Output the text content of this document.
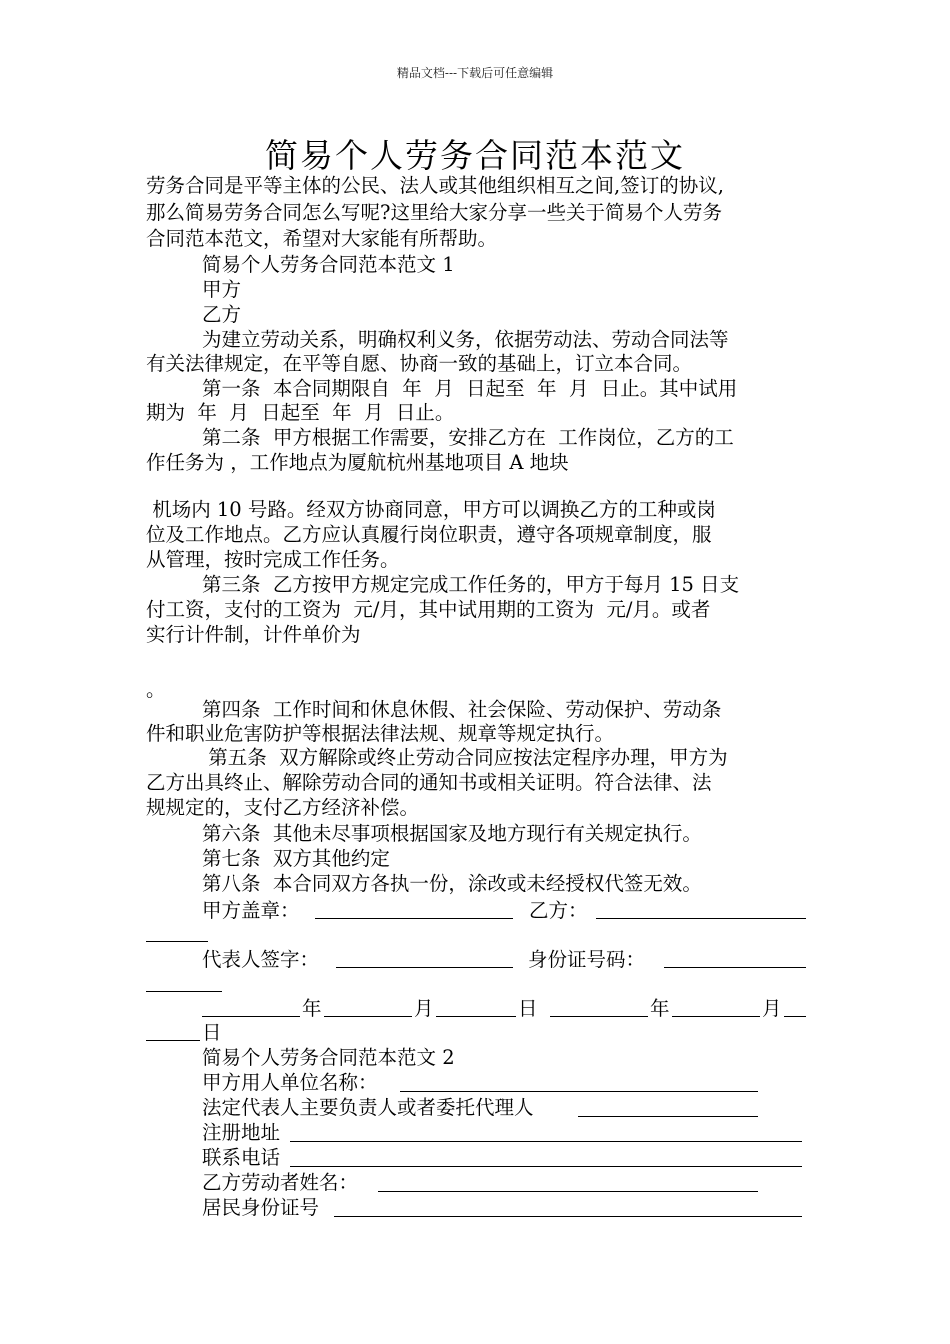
精品文档---下载后可任意编辑
简易个人劳务合同范本范文
劳务合同是平等主体的公民、法人或其他组织相互之间,签订的协议,
那么简易劳务合同怎么写呢?这里给大家分享一些关于简易个人劳务
合同范本范文，希望对大家能有所帮助。
简易个人劳务合同范本范文 1
甲方
乙方
为建立劳动关系，明确权利义务，依据劳动法、劳动合同法等
有关法律规定，在平等自愿、协商一致的基础上，订立本合同。
第一条  本合同期限自  年  月  日起至  年  月  日止。其中试用
期为  年  月  日起至  年  月  日止。
第二条  甲方根据工作需要，安排乙方在  工作岗位，乙方的工
作任务为 ，工作地点为厦航杭州基地项目 A 地块
机场内 10 号路。经双方协商同意，甲方可以调换乙方的工种或岗
位及工作地点。乙方应认真履行岗位职责，遵守各项规章制度，服
从管理，按时完成工作任务。
第三条  乙方按甲方规定完成工作任务的，甲方于每月 15 日支
付工资，支付的工资为  元/月，其中试用期的工资为  元/月。或者
实行计件制，计件单价为
。
第四条  工作时间和休息休假、社会保险、劳动保护、劳动条
件和职业危害防护等根据法律法规、规章等规定执行。
第五条  双方解除或终止劳动合同应按法定程序办理，甲方为
乙方出具终止、解除劳动合同的通知书或相关证明。符合法律、法
规规定的，支付乙方经济补偿。
第六条  其他未尽事项根据国家及地方现行有关规定执行。
第七条  双方其他约定
第八条  本合同双方各执一份，涂改或未经授权代签无效。
甲方盖章：	乙方：
代表人签字：	身份证号码：
年	月	日	年	月
日
简易个人劳务合同范本范文 2
甲方用人单位名称：
法定代表人主要负责人或者委托代理人
注册地址
联系电话
乙方劳动者姓名：
居民身份证号
